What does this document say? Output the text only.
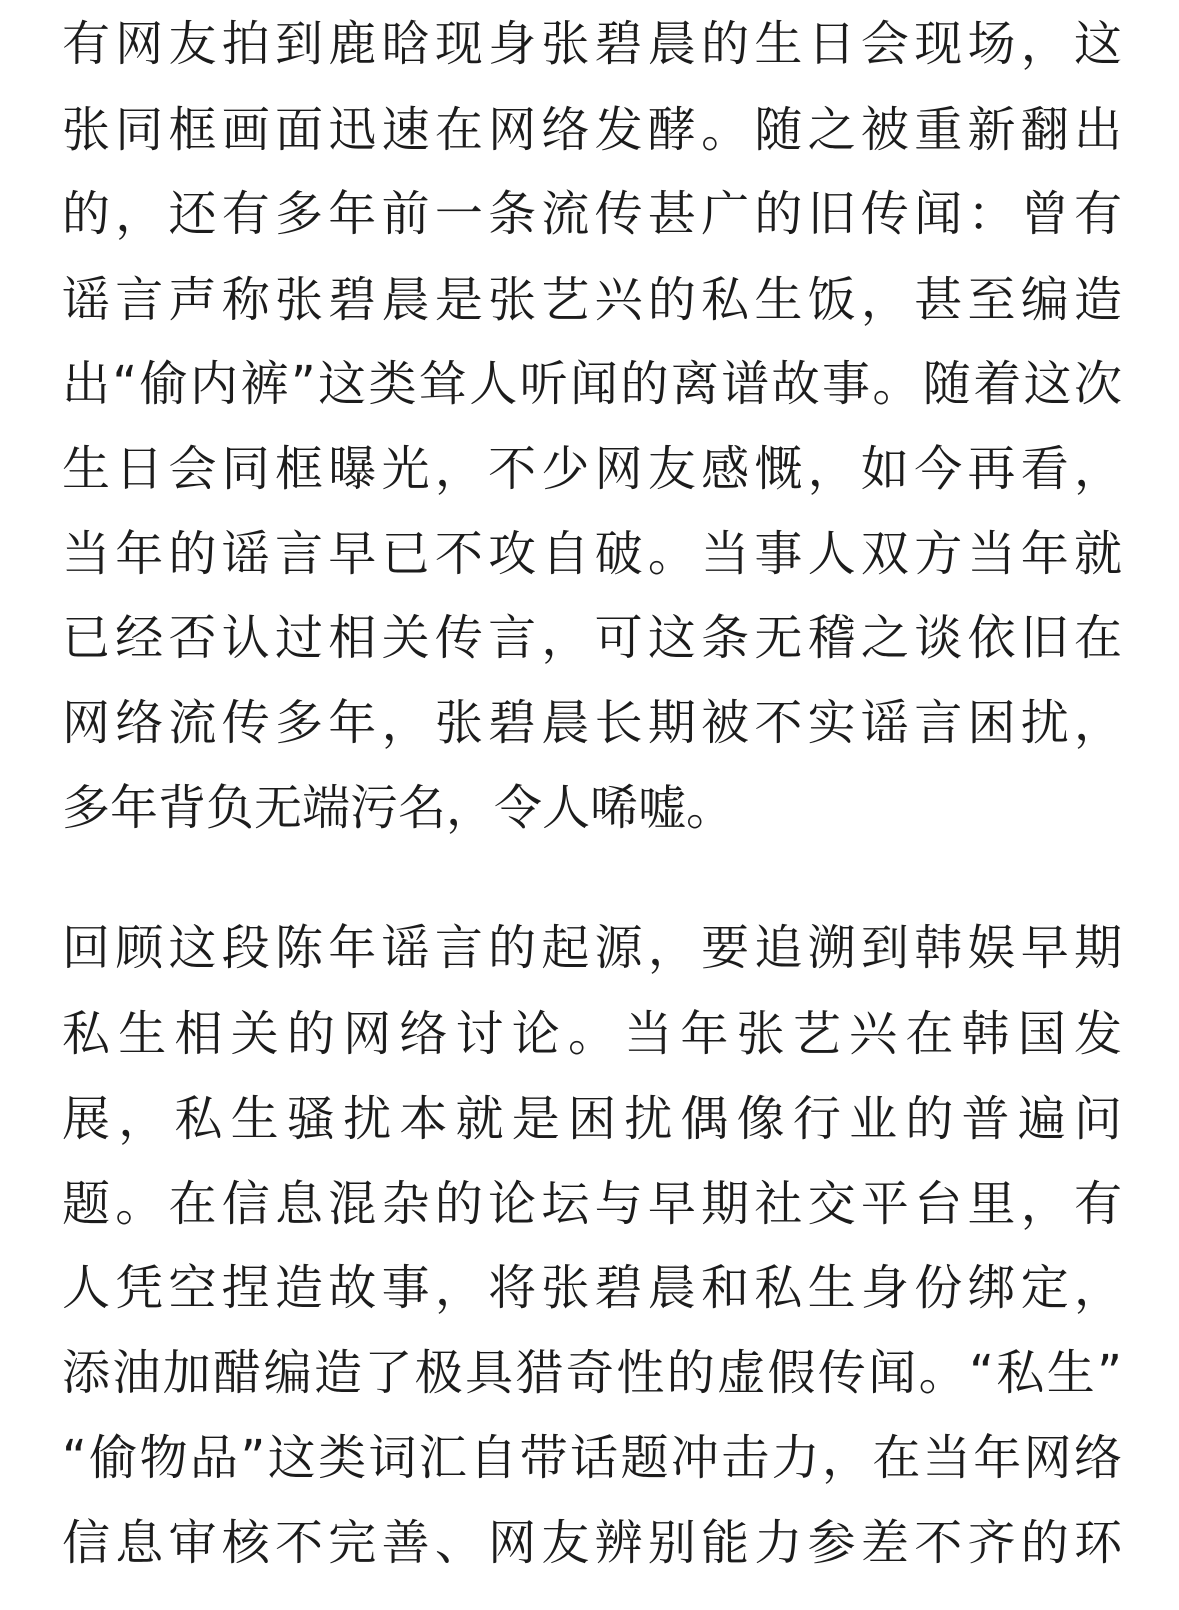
有网友拍到鹿晗现身张碧晨的生日会现场，这
张同框画面迅速在网络发酵。随之被重新翻出
的，还有多年前一条流传甚广的旧传闻：曾有
谣言声称张碧晨是张艺兴的私生饭，甚至编造
出“偷内裤”这类耸人听闻的离谱故事。随着这次
生日会同框曝光，不少网友感慨，如今再看，
当年的谣言早已不攻自破。当事人双方当年就
已经否认过相关传言，可这条无稽之谈依旧在
网络流传多年，张碧晨长期被不实谣言困扰，
多年背负无端污名，令人唏嘘。
回顾这段陈年谣言的起源，要追溯到韩娱早期
私生相关的网络讨论。当年张艺兴在韩国发
展，私生骚扰本就是困扰偶像行业的普遍问
题。在信息混杂的论坛与早期社交平台里，有
人凭空捏造故事，将张碧晨和私生身份绑定，
添油加醋编造了极具猎奇性的虚假传闻。“私生”
“偷物品”这类词汇自带话题冲击力，在当年网络
信息审核不完善、网友辨别能力参差不齐的环
